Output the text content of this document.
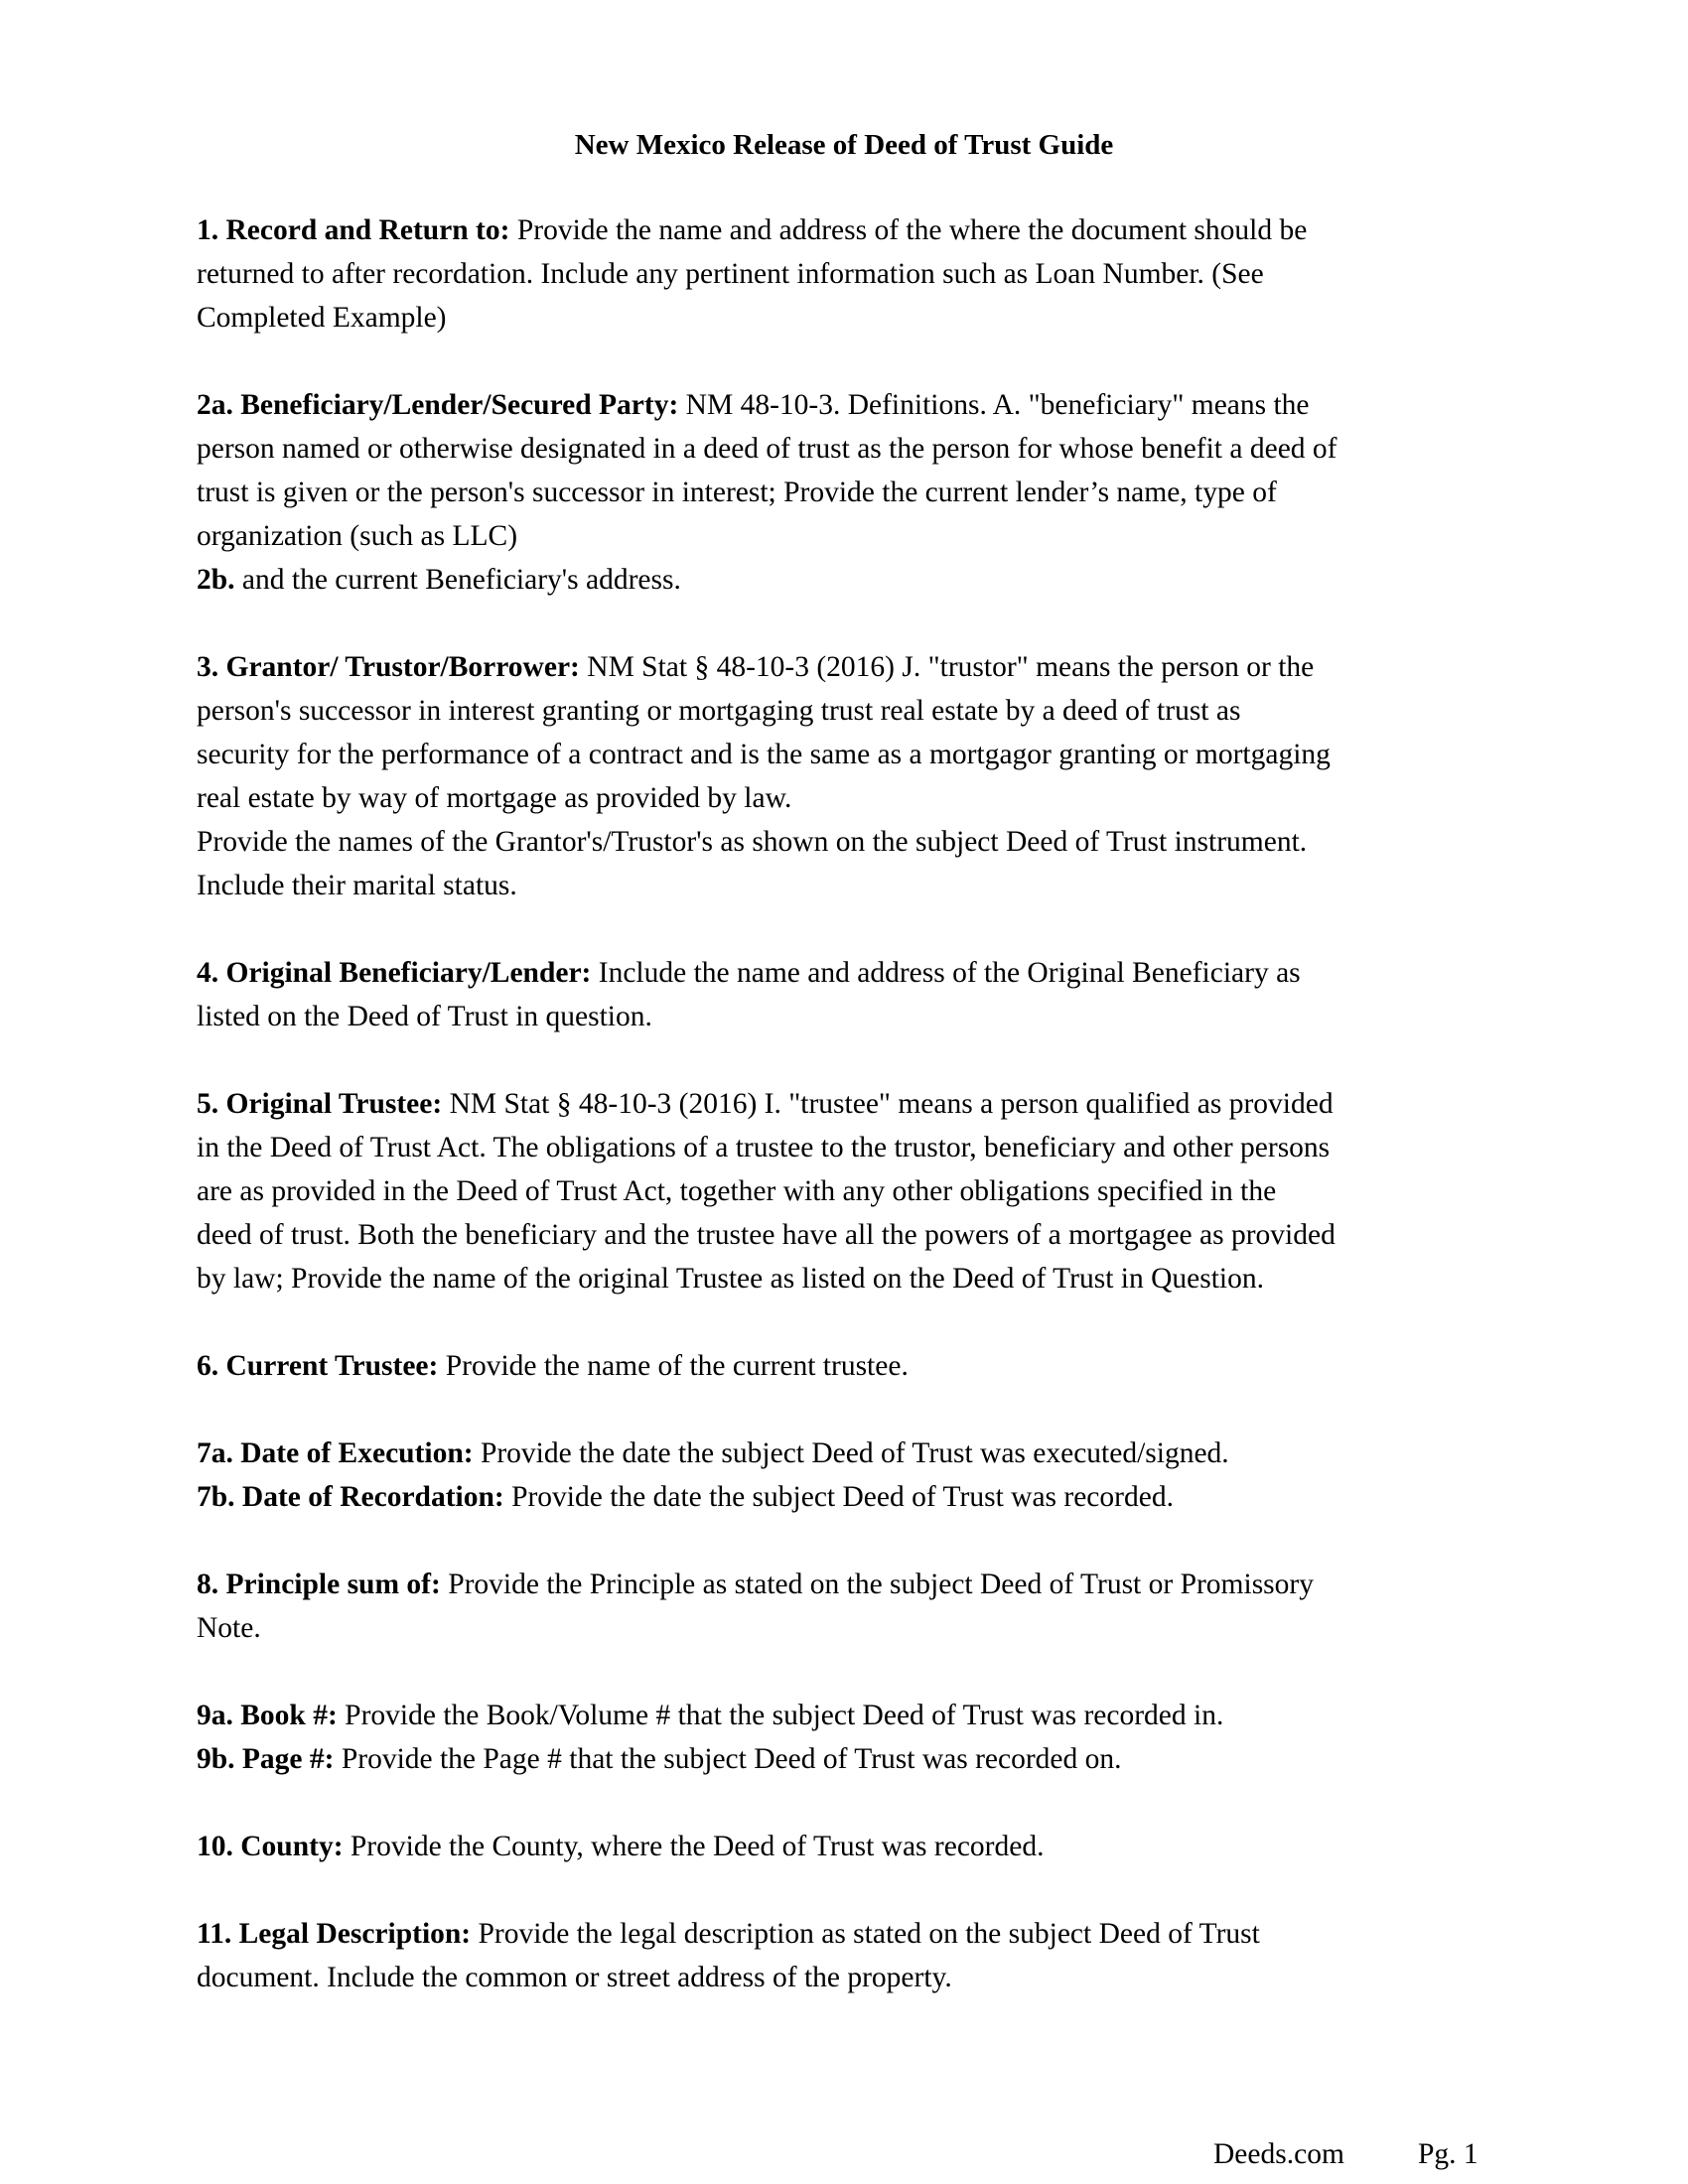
New Mexico Release of Deed of Trust Guide
1. Record and Return to: Provide the name and address of the where the document should be
returned to after recordation. Include any pertinent information such as Loan Number. (See
Completed Example)
2a. Beneficiary/Lender/Secured Party: NM 48-10-3. Definitions. A. "beneficiary" means the
person named or otherwise designated in a deed of trust as the person for whose benefit a deed of
trust is given or the person's successor in interest; Provide the current lender’s name, type of
organization (such as LLC)
2b. and the current Beneficiary's address.
3. Grantor/ Trustor/Borrower: NM Stat § 48-10-3 (2016) J. "trustor" means the person or the
person's successor in interest granting or mortgaging trust real estate by a deed of trust as
security for the performance of a contract and is the same as a mortgagor granting or mortgaging
real estate by way of mortgage as provided by law.
Provide the names of the Grantor's/Trustor's as shown on the subject Deed of Trust instrument.
Include their marital status.
4. Original Beneficiary/Lender: Include the name and address of the Original Beneficiary as
listed on the Deed of Trust in question.
5. Original Trustee: NM Stat § 48-10-3 (2016) I. "trustee" means a person qualified as provided
in the Deed of Trust Act. The obligations of a trustee to the trustor, beneficiary and other persons
are as provided in the Deed of Trust Act, together with any other obligations specified in the
deed of trust. Both the beneficiary and the trustee have all the powers of a mortgagee as provided
by law; Provide the name of the original Trustee as listed on the Deed of Trust in Question.
6. Current Trustee: Provide the name of the current trustee.
7a. Date of Execution: Provide the date the subject Deed of Trust was executed/signed.
7b. Date of Recordation: Provide the date the subject Deed of Trust was recorded.
8. Principle sum of: Provide the Principle as stated on the subject Deed of Trust or Promissory
Note.
9a. Book #: Provide the Book/Volume # that the subject Deed of Trust was recorded in.
9b. Page #: Provide the Page # that the subject Deed of Trust was recorded on.
10. County: Provide the County, where the Deed of Trust was recorded.
11. Legal Description: Provide the legal description as stated on the subject Deed of Trust
document. Include the common or street address of the property.
Deeds.com	Pg. 1
